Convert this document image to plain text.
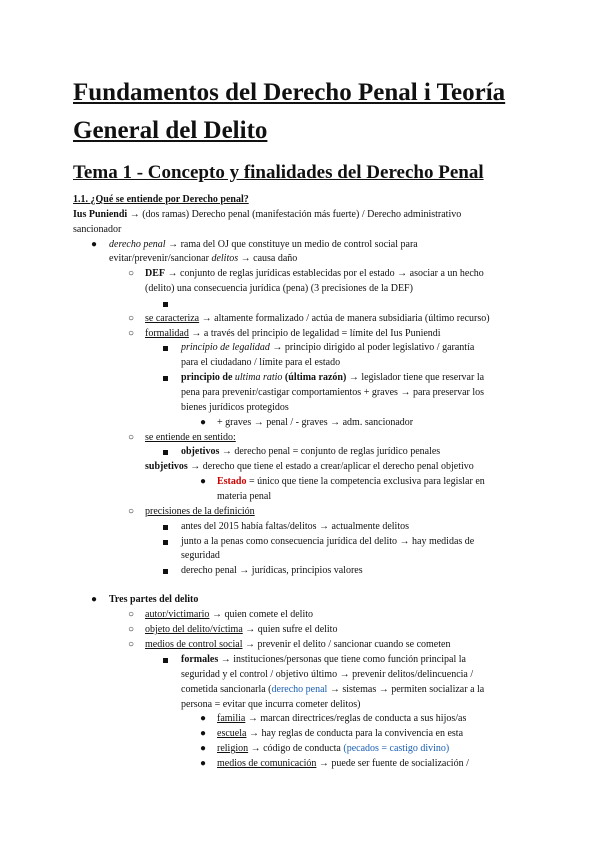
Fundamentos del Derecho Penal i Teoría General del Delito
Tema 1 - Concepto y finalidades del Derecho Penal
1.1. ¿Qué se entiende por Derecho penal?
Ius Puniendi → (dos ramas) Derecho penal (manifestación más fuerte) / Derecho administrativo
sancionador
● derecho penal → rama del OJ que constituye un medio de control social para
evitar/prevenir/sancionar delitos → causa daño
○ DEF → conjunto de reglas jurídicas establecidas por el estado → asociar a un hecho
(delito) una consecuencia jurídica (pena) (3 precisiones de la DEF)
○ se caracteriza → altamente formalizado / actúa de manera subsidiaria (último recurso)
○ formalidad → a través del principio de legalidad = límite del Ius Puniendi
principio de legalidad → principio dirigido al poder legislativo / garantía
para el ciudadano / límite para el estado
principio de ultima ratio (última razón) → legislador tiene que reservar la
pena para prevenir/castigar comportamientos + graves → para preservar los
bienes jurídicos protegidos
● + graves → penal / - graves → adm. sancionador
○ se entiende en sentido:
objetivos → derecho penal = conjunto de reglas jurídico penales
subjetivos → derecho que tiene el estado a crear/aplicar el derecho penal objetivo
● Estado = único que tiene la competencia exclusiva para legislar en
materia penal
○ precisiones de la definición
antes del 2015 había faltas/delitos → actualmente delitos
junto a la penas como consecuencia jurídica del delito → hay medidas de
seguridad
derecho penal → jurídicas, principios valores
● Tres partes del delito
○ autor/victimario → quien comete el delito
○ objeto del delito/víctima → quien sufre el delito
○ medios de control social → prevenir el delito / sancionar cuando se cometen
formales → instituciones/personas que tiene como función principal la
seguridad y el control / objetivo último → prevenir delitos/delincuencia /
cometida sancionarla (derecho penal → sistemas → permiten socializar a la
persona = evitar que incurra cometer delitos)
● familia → marcan directrices/reglas de conducta a sus hijos/as
● escuela → hay reglas de conducta para la convivencia en esta
● religion → código de conducta (pecados = castigo divino)
● medios de comunicación → puede ser fuente de socialización /
